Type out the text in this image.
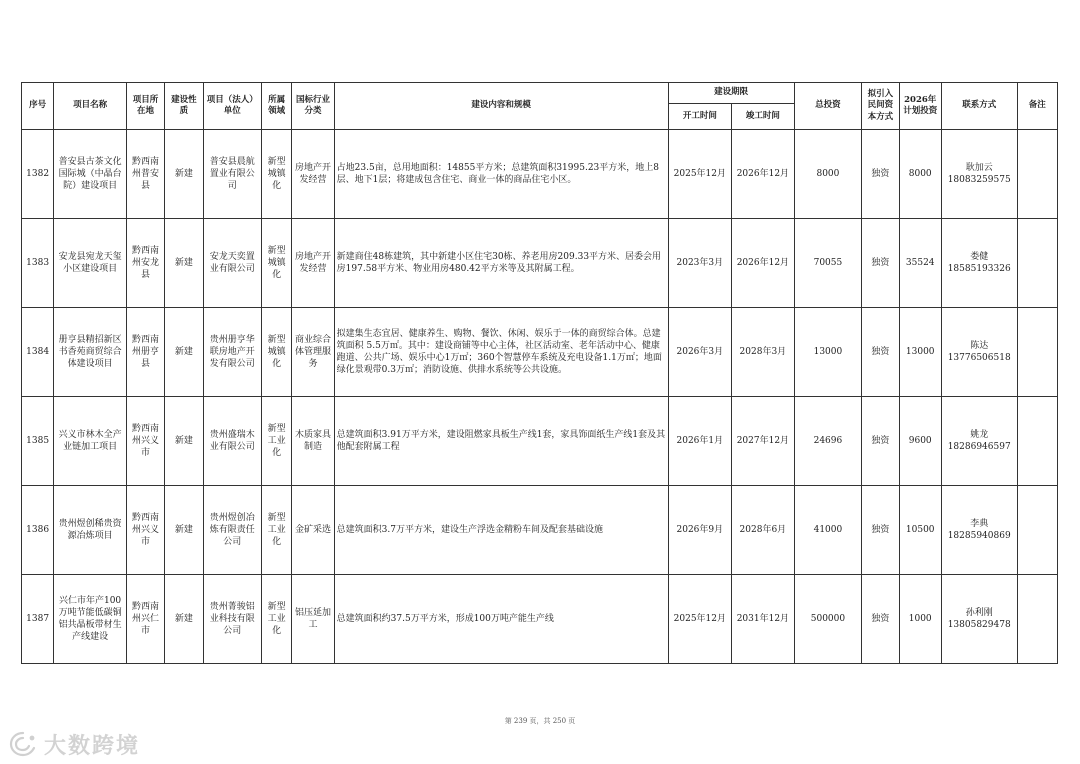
序号	项目名称	项目所在地	建设性质	项目（法人）单位	所属领域	国标行业分类	建设内容和规模	建设期限		总投资	拟引入民间资本方式	2026年计划投资	联系方式	备注
								开工时间	竣工时间					
1382	普安县古茶文化国际城（中晶台院）建设项目	黔西南州普安县	新建	普安县晨航置业有限公司	新型城镇化	房地产开发经营	占地23.5亩，总用地面积：14855平方米；总建筑面积31995.23平方米，地上8层、地下1层；将建成包含住宅、商业一体的商品住宅小区。	2025年12月	2026年12月	8000	独资	8000	耿加云
18083259575	
1383	安龙县宛龙天玺小区建设项目	黔西南州安龙县	新建	安龙天奕置业有限公司	新型城镇化	房地产开发经营	新建商住48栋建筑，其中新建小区住宅30栋、养老用房209.33平方米、居委会用房197.58平方米、物业用房480.42平方米等及其附属工程。	2023年3月	2026年12月	70055	独资	35524	娄健
18585193326	
1384	册亨县精招新区书香苑商贸综合体建设项目	黔西南州册亨县	新建	贵州册亨华联房地产开发有限公司	新型城镇化	商业综合体管理服务	拟建集生态宜居、健康养生、购物、餐饮、休闲、娱乐于一体的商贸综合体。总建筑面积 5.5万㎡。其中：建设商铺等中心主体，社区活动室、老年活动中心、健康跑道、公共广场、娱乐中心1万㎡；360个智慧停车系统及充电设备1.1万㎡；地面绿化景观带0.3万㎡；消防设施、供排水系统等公共设施。	2026年3月	2028年3月	13000	独资	13000	陈达
13776506518	
1385	兴义市林木全产业链加工项目	黔西南州兴义市	新建	贵州盛瑞木业有限公司	新型工业化	木质家具制造	总建筑面积3.91万平方米，建设阻燃家具板生产线1套，家具饰面纸生产线1套及其他配套附属工程	2026年1月	2027年12月	24696	独资	9600	姚龙
18286946597	
1386	贵州煜创稀贵资源冶炼项目	黔西南州兴义市	新建	贵州煜创冶炼有限责任公司	新型工业化	金矿采选	总建筑面积3.7万平方米，建设生产浮选金精粉车间及配套基础设施	2026年9月	2028年6月	41000	独资	10500	李典
18285940869	
1387	兴仁市年产100万吨节能低碳铜铝共晶板带材生产线建设	黔西南州兴仁市	新建	贵州菁骏铝业科技有限公司	新型工业化	铝压延加工	总建筑面积约37.5万平方米，形成100万吨产能生产线	2025年12月	2031年12月	500000	独资	1000	孙利刚
13805829478	
第 239 页，共 250 页
大数跨境
